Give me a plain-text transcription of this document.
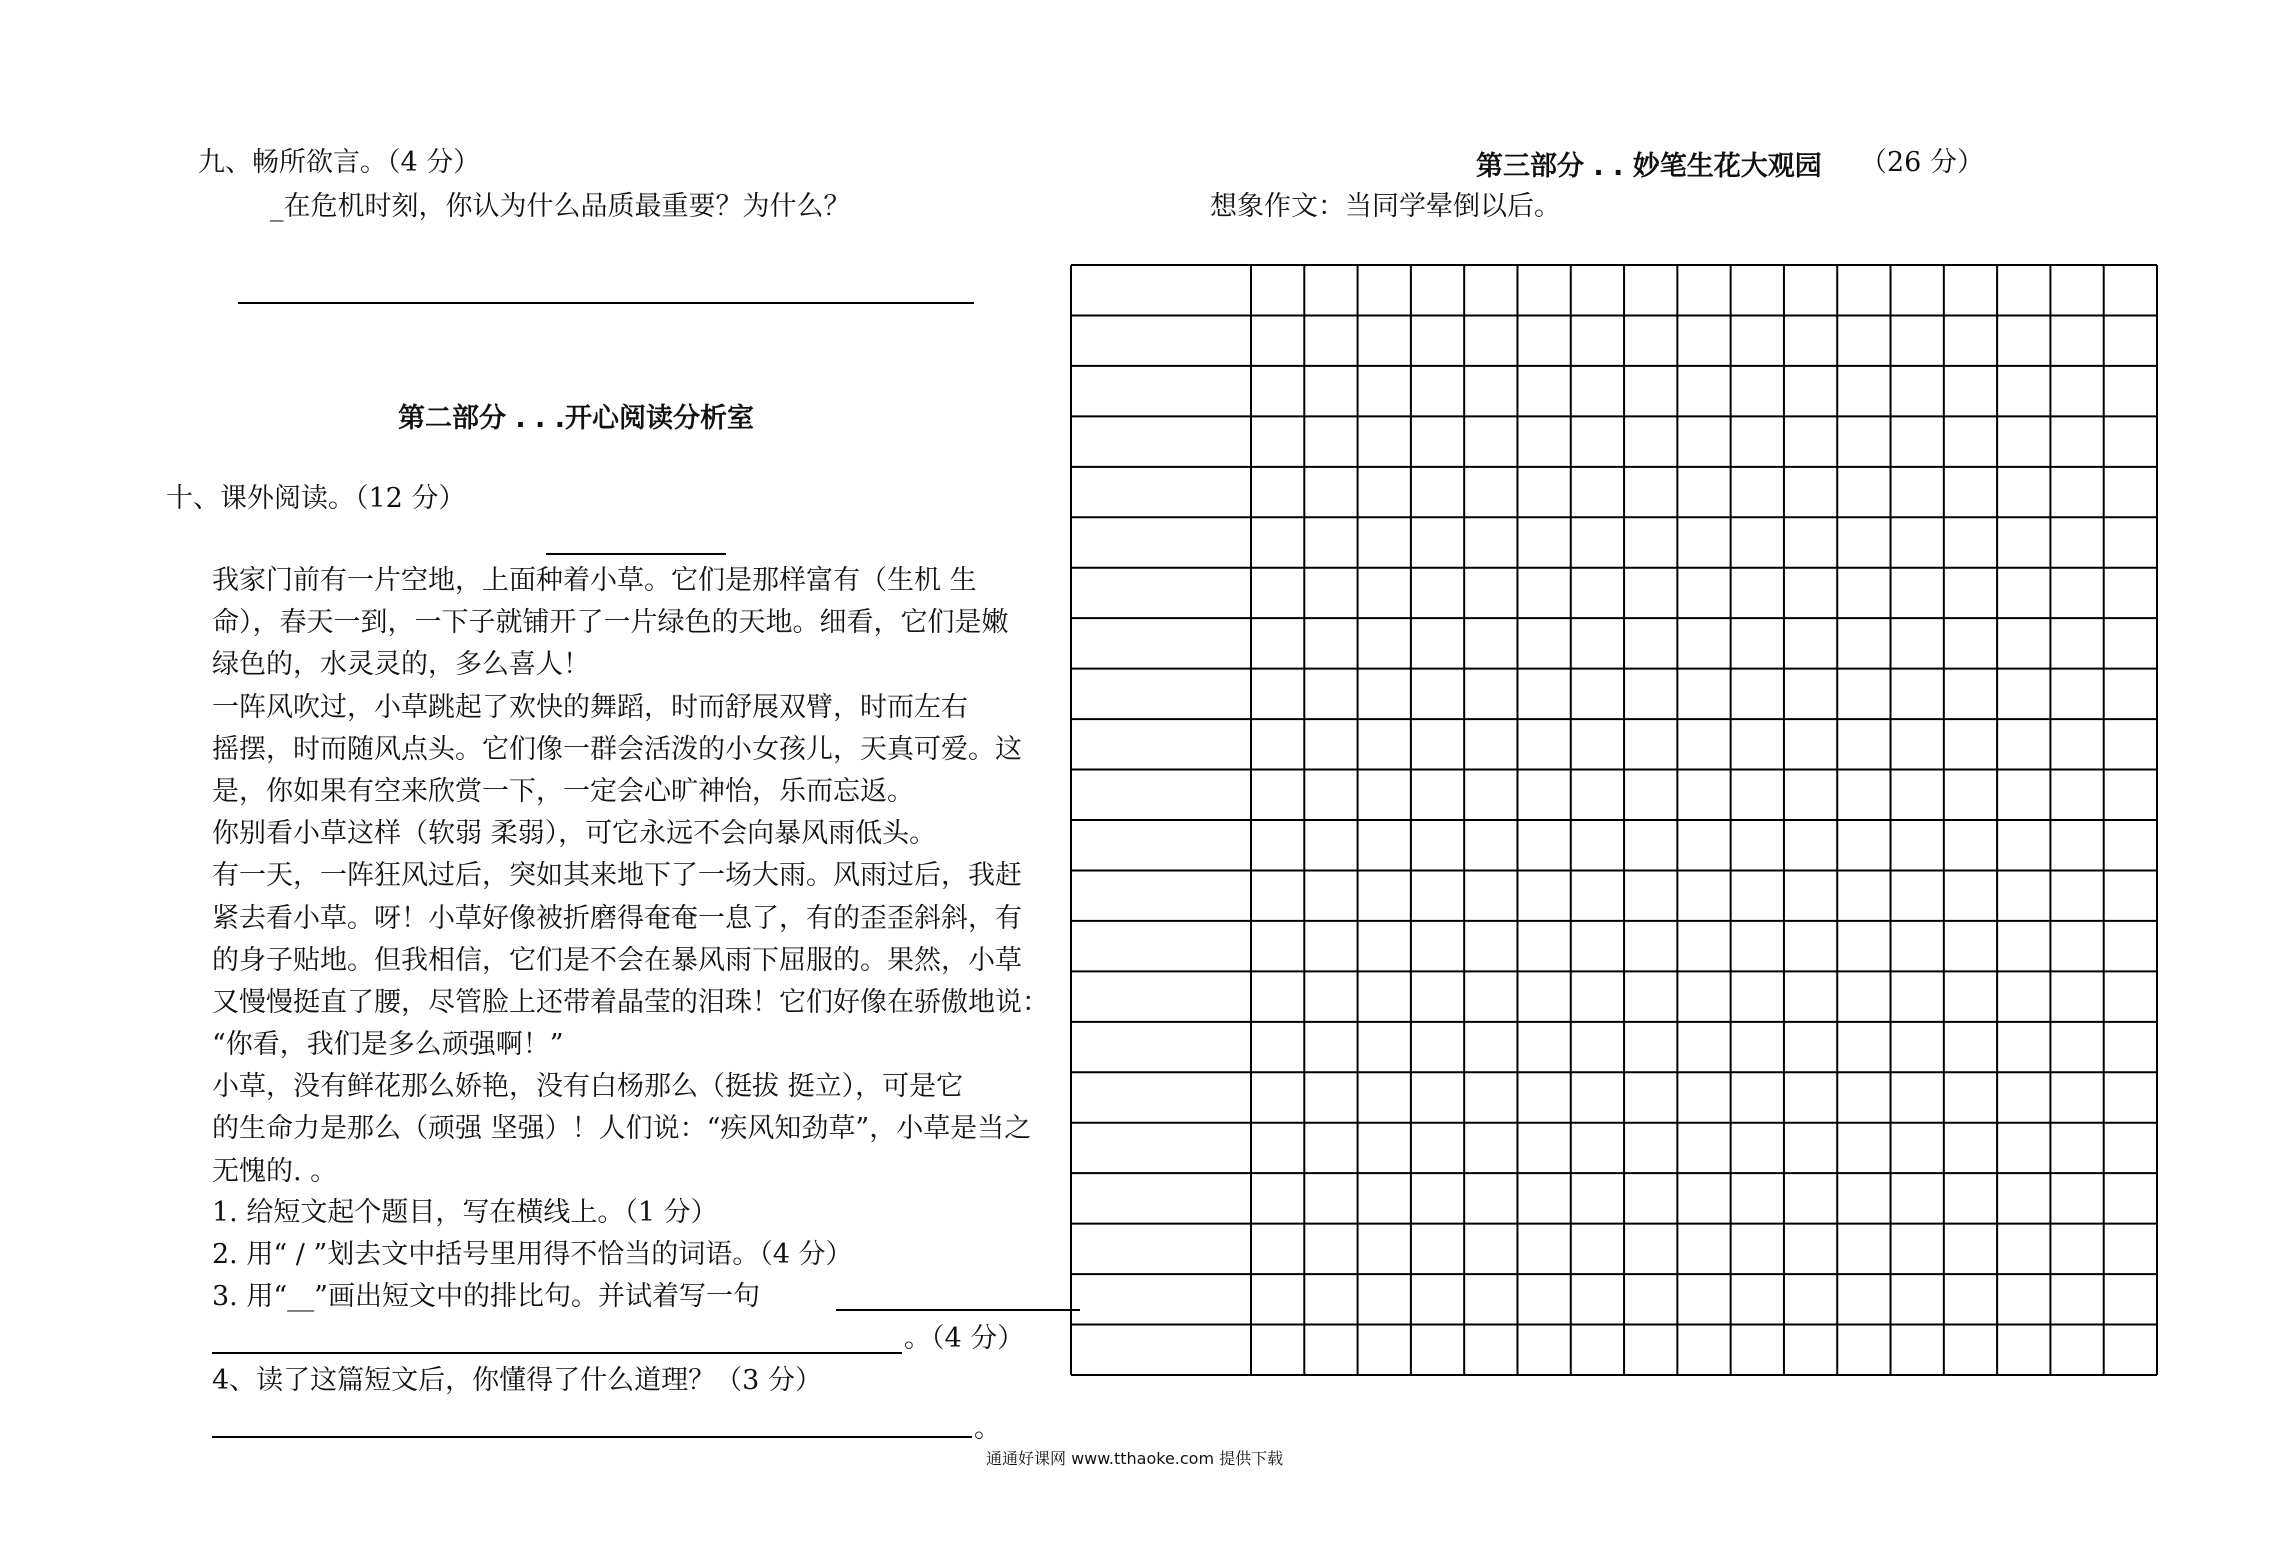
九、畅所欲言。（4 分）
_在危机时刻，你认为什么品质最重要？为什么？
第二部分 . . .开心阅读分析室
十、课外阅读。（12 分）
我家门前有一片空地，上面种着小草。它们是那样富有（生机 生
命），春天一到，一下子就铺开了一片绿色的天地。细看，它们是嫩
绿色的，水灵灵的，多么喜人！
一阵风吹过，小草跳起了欢快的舞蹈，时而舒展双臂，时而左右
摇摆，时而随风点头。它们像一群会活泼的小女孩儿，天真可爱。这
是，你如果有空来欣赏一下，一定会心旷神怡，乐而忘返。
你别看小草这样（软弱 柔弱），可它永远不会向暴风雨低头。
有一天，一阵狂风过后，突如其来地下了一场大雨。风雨过后，我赶
紧去看小草。呀！小草好像被折磨得奄奄一息了，有的歪歪斜斜，有
的身子贴地。但我相信，它们是不会在暴风雨下屈服的。果然，小草
又慢慢挺直了腰，尽管脸上还带着晶莹的泪珠！它们好像在骄傲地说：
“你看，我们是多么顽强啊！”
小草，没有鲜花那么娇艳，没有白杨那么（挺拔 挺立），可是它
的生命力是那么（顽强 坚强）！人们说：“疾风知劲草”，小草是当之
无愧的. 。
1. 给短文起个题目，写在横线上。（1 分）
2. 用“ / ”划去文中括号里用得不恰当的词语。（4 分）
3. 用“__”画出短文中的排比句。并试着写一句
。（4 分）
4、读了这篇短文后，你懂得了什么道理？（3 分）
。
第三部分 . . 妙笔生花大观园 （26 分）
想象作文：当同学晕倒以后。
通通好课网 www.tthaoke.com 提供下载
